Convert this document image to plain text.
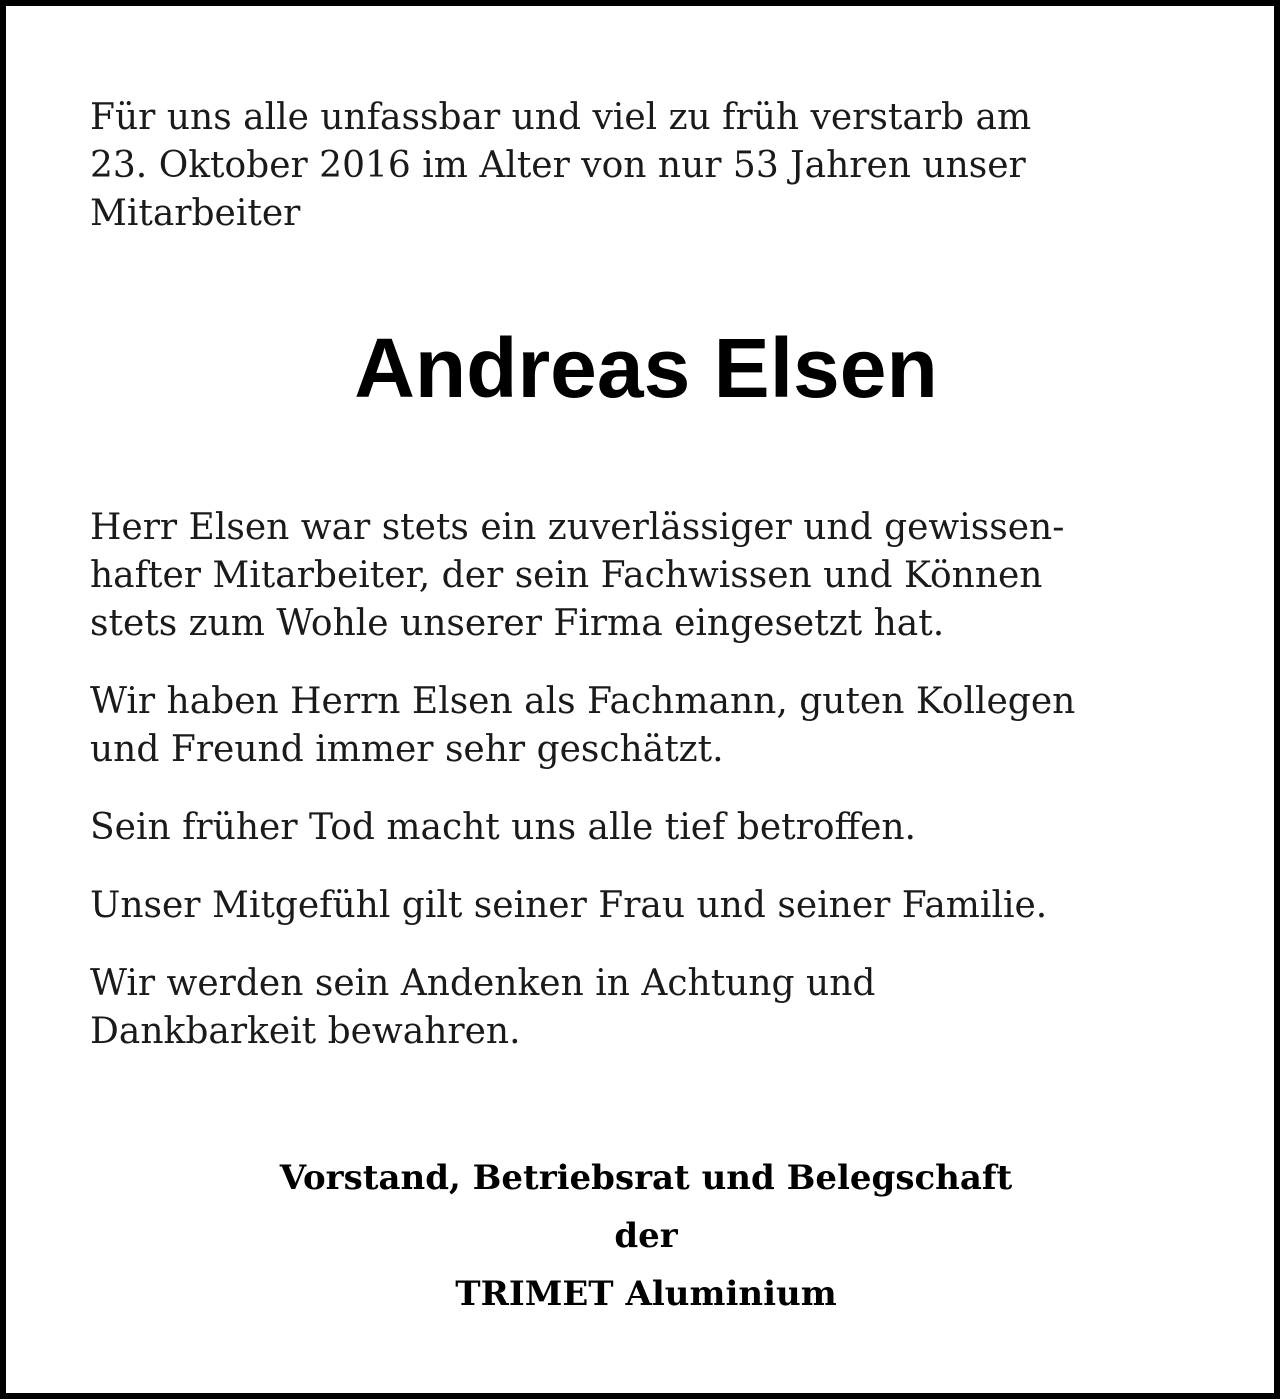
Für uns alle unfassbar und viel zu früh verstarb am
23. Oktober 2016 im Alter von nur 53 Jahren unser
Mitarbeiter

Andreas Elsen

Herr Elsen war stets ein zuverlässiger und gewissen-
hafter Mitarbeiter, der sein Fachwissen und Können
stets zum Wohle unserer Firma eingesetzt hat.

Wir haben Herrn Elsen als Fachmann, guten Kollegen
und Freund immer sehr geschätzt.

Sein früher Tod macht uns alle tief betroffen.

Unser Mitgefühl gilt seiner Frau und seiner Familie.

Wir werden sein Andenken in Achtung und
Dankbarkeit bewahren.

Vorstand, Betriebsrat und Belegschaft
der
TRIMET Aluminium
